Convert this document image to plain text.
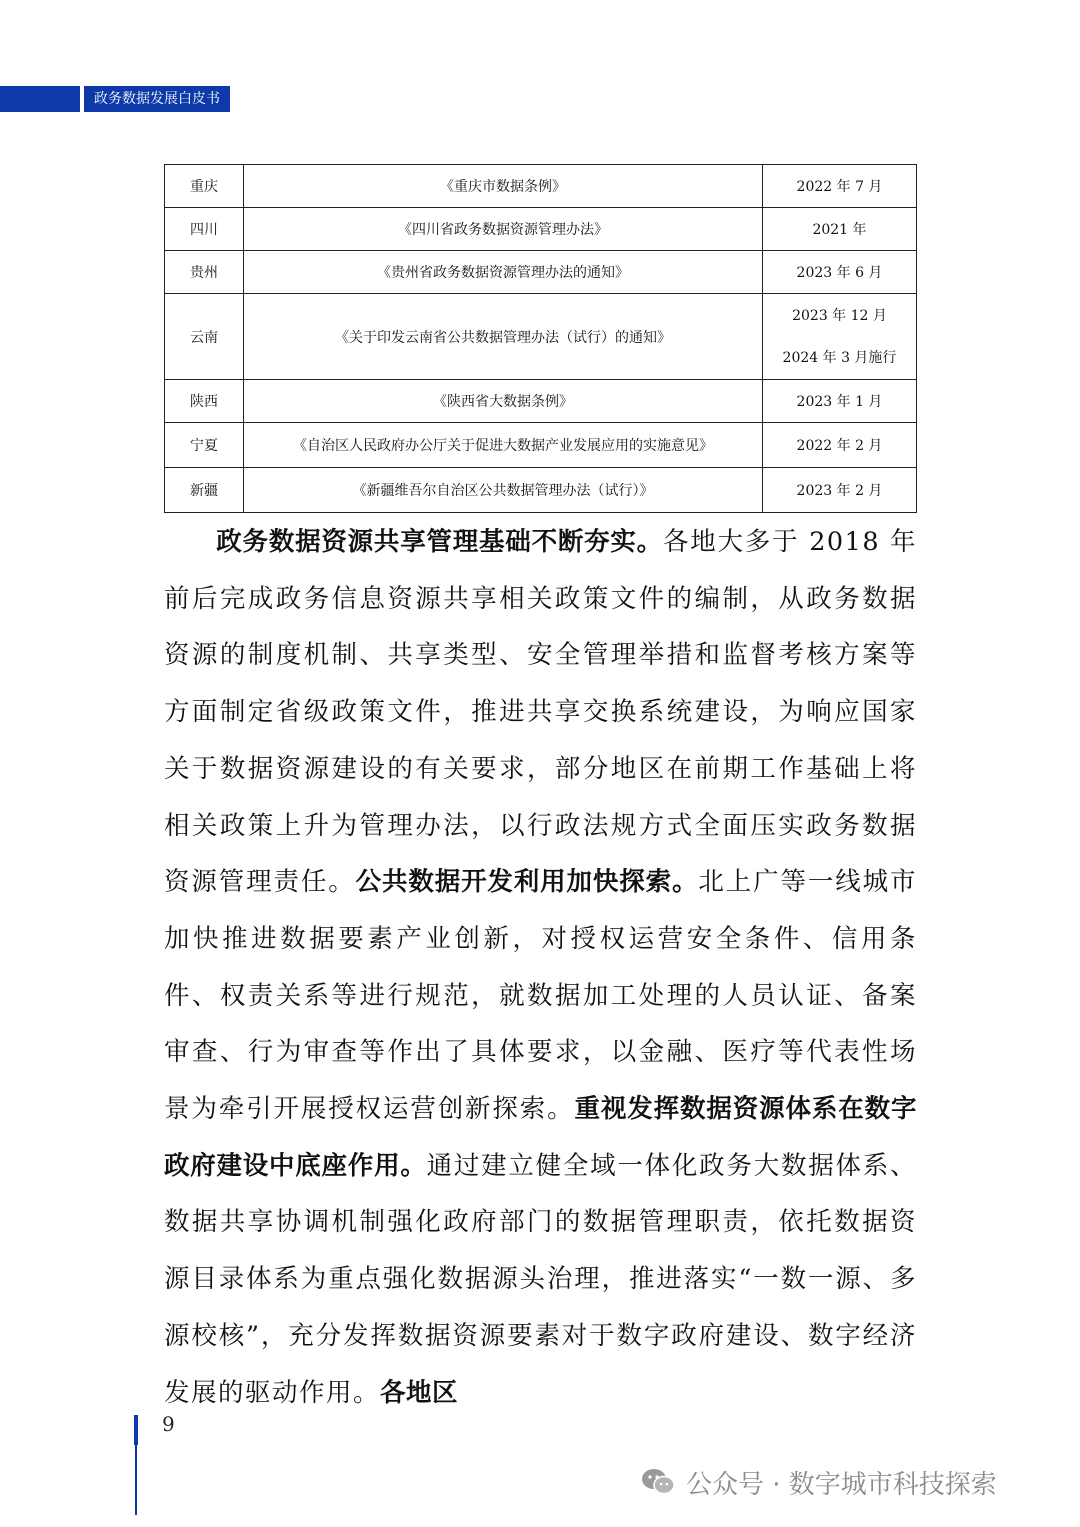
政务数据发展白皮书
重庆	《重庆市数据条例》	2022 年 7 月
四川	《四川省政务数据资源管理办法》	2021 年
贵州	《贵州省政务数据资源管理办法的通知》	2023 年 6 月
云南	《关于印发云南省公共数据管理办法（试行）的通知》	2023 年 12 月
2024 年 3 月施行

陕西	《陕西省大数据条例》	2023 年 1 月
宁夏	《自治区人民政府办公厅关于促进大数据产业发展应用的实施意见》	2022 年 2 月
新疆	《新疆维吾尔自治区公共数据管理办法（试行）》	2023 年 2 月
政务数据资源共享管理基础不断夯实。各地大多于 2018 年前后完成政务信息资源共享相关政策文件的编制，从政务数据资源的制度机制、共享类型、安全管理举措和监督考核方案等方面制定省级政策文件，推进共享交换系统建设，为响应国家关于数据资源建设的有关要求，部分地区在前期工作基础上将相关政策上升为管理办法，以行政法规方式全面压实政务数据资源管理责任。公共数据开发利用加快探索。北上广等一线城市加快推进数据要素产业创新，对授权运营安全条件、信用条件、权责关系等进行规范，就数据加工处理的人员认证、备案审查、行为审查等作出了具体要求，以金融、医疗等代表性场景为牵引开展授权运营创新探索。重视发挥数据资源体系在数字政府建设中底座作用。通过建立健全域一体化政务大数据体系、数据共享协调机制强化政府部门的数据管理职责，依托数据资源目录体系为重点强化数据源头治理，推进落实“一数一源、多源校核”，充分发挥数据资源要素对于数字政府建设、数字经济发展的驱动作用。各地区
9
公众号 · 数字城市科技探索
